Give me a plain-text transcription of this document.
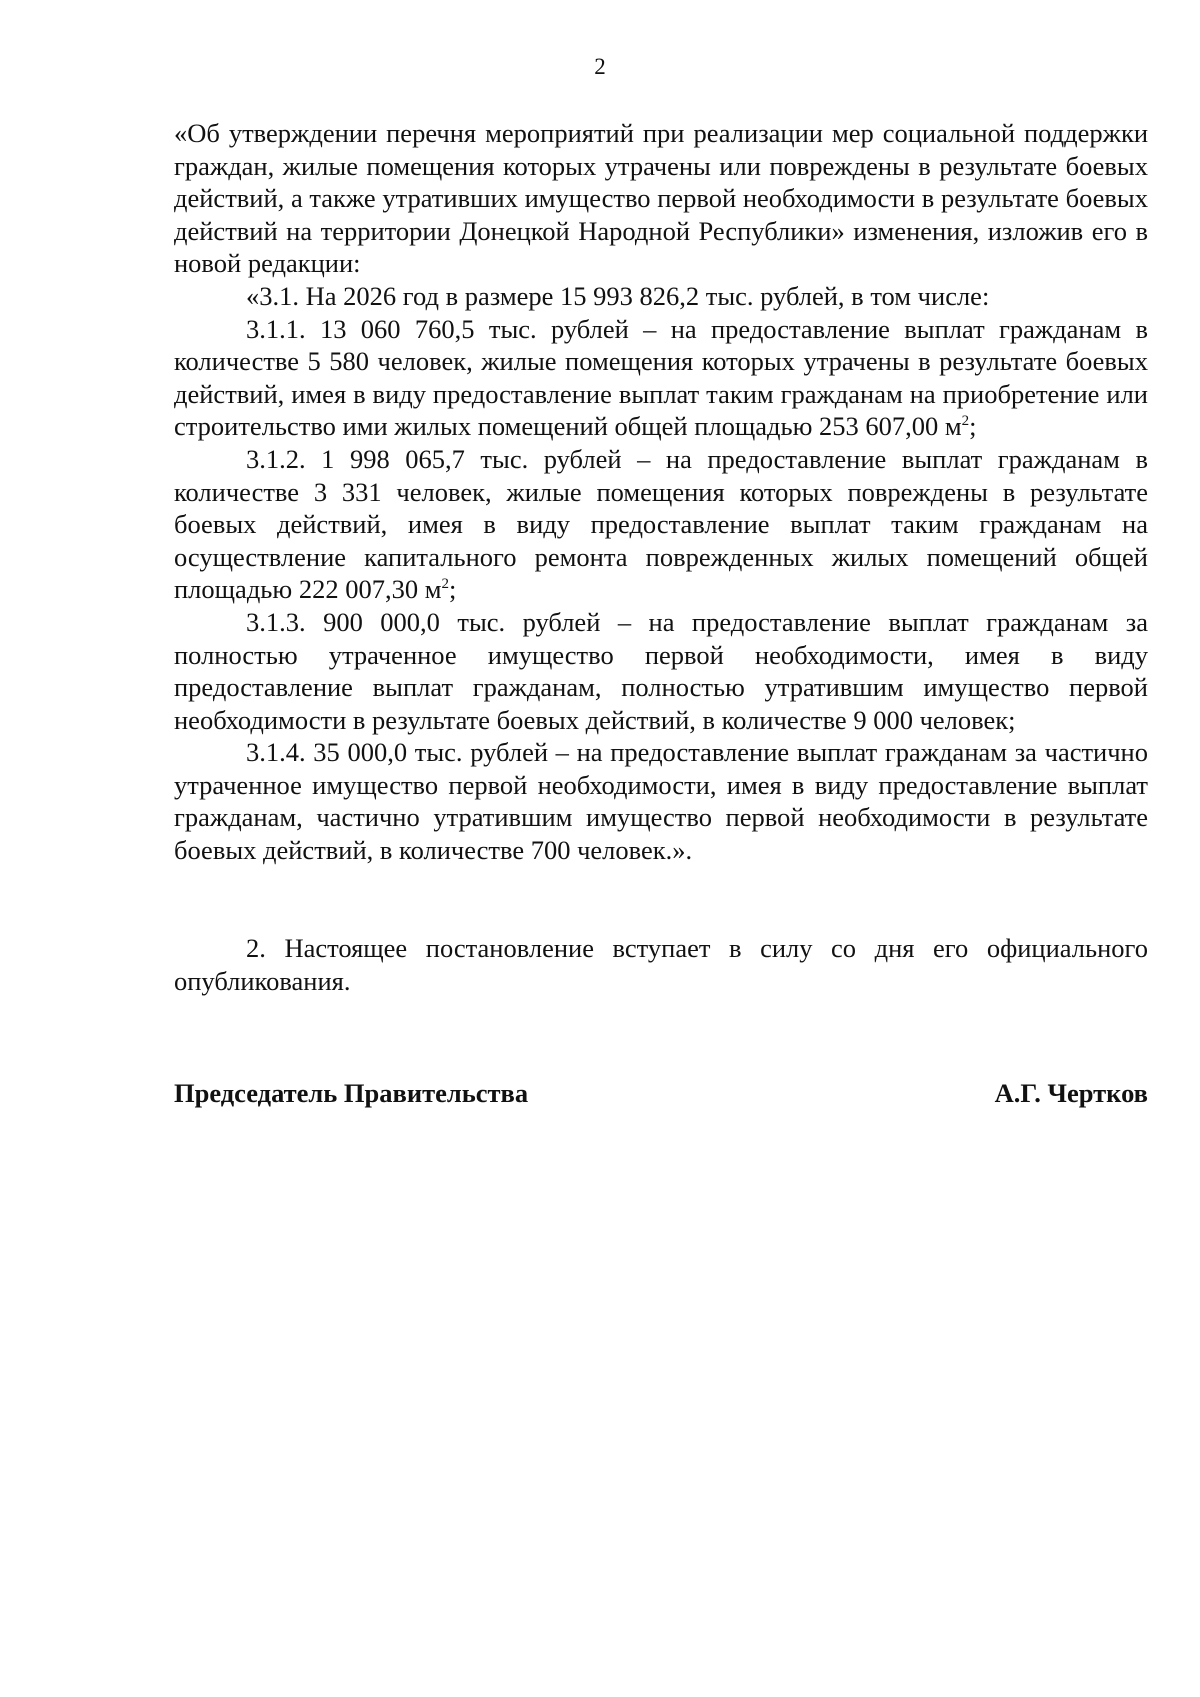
2

«Об утверждении перечня мероприятий при реализации мер социальной поддержки граждан, жилые помещения которых утрачены или повреждены в результате боевых действий, а также утративших имущество первой необходимости в результате боевых действий на территории Донецкой Народной Республики» изменения, изложив его в новой редакции:

«3.1. На 2026 год в размере 15 993 826,2 тыс. рублей, в том числе:

3.1.1. 13 060 760,5 тыс. рублей – на предоставление выплат гражданам в количестве 5 580 человек, жилые помещения которых утрачены в результате боевых действий, имея в виду предоставление выплат таким гражданам на приобретение или строительство ими жилых помещений общей площадью 253 607,00 $м^2$;

3.1.2. 1 998 065,7 тыс. рублей – на предоставление выплат гражданам в количестве 3 331 человек, жилые помещения которых повреждены в результате боевых действий, имея в виду предоставление выплат таким гражданам на осуществление капитального ремонта поврежденных жилых помещений общей площадью 222 007,30 $м^2$;

3.1.3. 900 000,0 тыс. рублей – на предоставление выплат гражданам за полностью утраченное имущество первой необходимости, имея в виду предоставление выплат гражданам, полностью утратившим имущество первой необходимости в результате боевых действий, в количестве 9 000 человек;

3.1.4. 35 000,0 тыс. рублей – на предоставление выплат гражданам за частично утраченное имущество первой необходимости, имея в виду предоставление выплат гражданам, частично утратившим имущество первой необходимости в результате боевых действий, в количестве 700 человек.».

2. Настоящее постановление вступает в силу со дня его официального опубликования.

Председатель Правительства	А.Г. Чертков
